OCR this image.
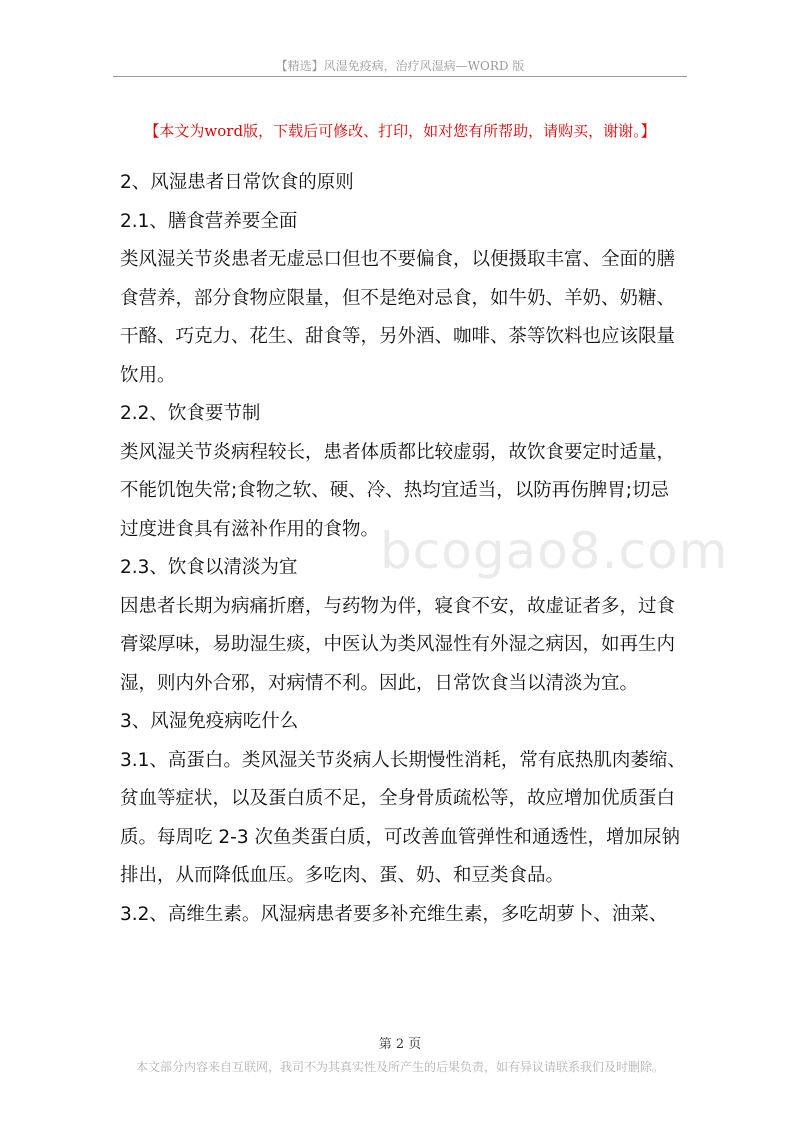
【精选】风湿免疫病，治疗风湿病—WORD 版
【本文为word版，下载后可修改、打印，如对您有所帮助，请购买，谢谢。】

2、风湿患者日常饮食的原则

2.1、膳食营养要全面

类风湿关节炎患者无虚忌口但也不要偏食，以便摄取丰富、全面的膳

食营养，部分食物应限量，但不是绝对忌食，如牛奶、羊奶、奶糖、

干酪、巧克力、花生、甜食等，另外酒、咖啡、茶等饮料也应该限量

饮用。

2.2、饮食要节制

类风湿关节炎病程较长，患者体质都比较虚弱，故饮食要定时适量，

不能饥饱失常;食物之软、硬、冷、热均宜适当，以防再伤脾胃;切忌

过度进食具有滋补作用的食物。

2.3、饮食以清淡为宜

因患者长期为病痛折磨，与药物为伴，寝食不安，故虚证者多，过食

膏粱厚味，易助湿生痰，中医认为类风湿性有外湿之病因，如再生内

湿，则内外合邪，对病情不利。因此，日常饮食当以清淡为宜。

3、风湿免疫病吃什么

3.1、高蛋白。类风湿关节炎病人长期慢性消耗，常有底热肌肉萎缩、

贫血等症状，以及蛋白质不足，全身骨质疏松等，故应增加优质蛋白

质。每周吃 2-3 次鱼类蛋白质，可改善血管弹性和通透性，增加尿钠

排出，从而降低血压。多吃肉、蛋、奶、和豆类食品。

3.2、高维生素。风湿病患者要多补充维生素，多吃胡萝卜、油菜、

bcogao8.com
第 2 页
本文部分内容来自互联网，我司不为其真实性及所产生的后果负责，如有异议请联系我们及时删除。
